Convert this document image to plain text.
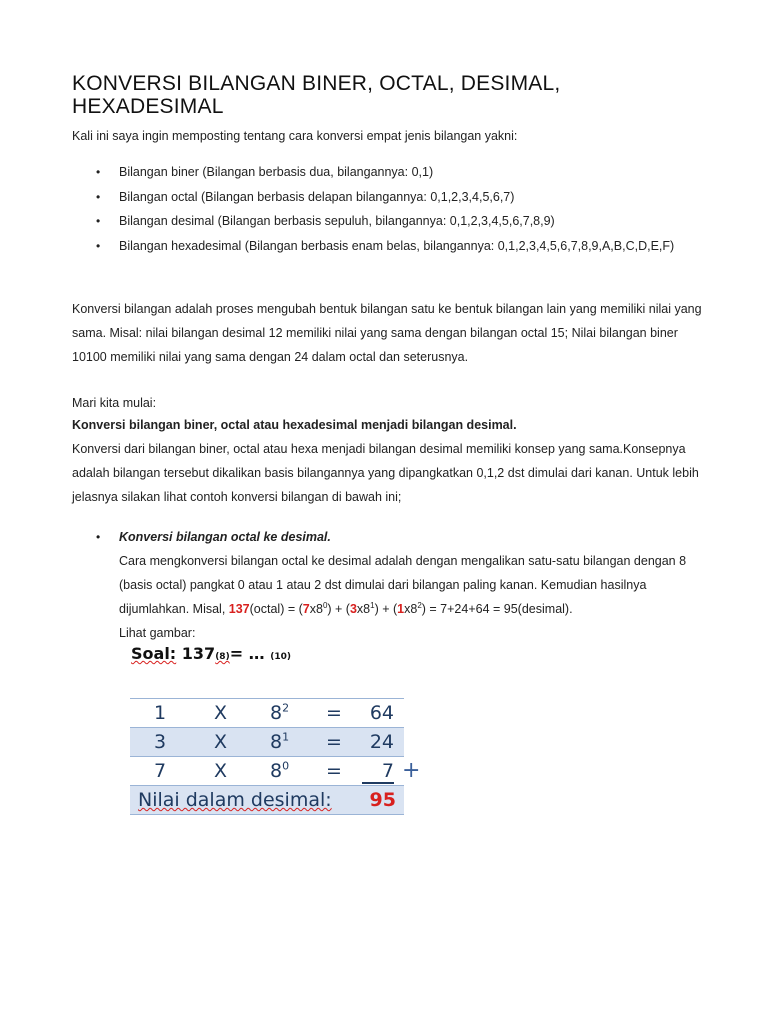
KONVERSI BILANGAN BINER, OCTAL, DESIMAL, HEXADESIMAL
Kali ini saya ingin memposting tentang cara konversi empat jenis bilangan yakni:
• Bilangan biner (Bilangan berbasis dua, bilangannya: 0,1)
• Bilangan octal (Bilangan berbasis delapan bilangannya: 0,1,2,3,4,5,6,7)
• Bilangan desimal (Bilangan berbasis sepuluh, bilangannya: 0,1,2,3,4,5,6,7,8,9)
• Bilangan hexadesimal (Bilangan berbasis enam belas, bilangannya: 0,1,2,3,4,5,6,7,8,9,A,B,C,D,E,F)
Konversi bilangan adalah proses mengubah bentuk bilangan satu ke bentuk bilangan lain yang memiliki nilai yang sama. Misal: nilai bilangan desimal 12 memiliki nilai yang sama dengan bilangan octal 15; Nilai bilangan biner 10100 memiliki nilai yang sama dengan 24 dalam octal dan seterusnya.
Mari kita mulai:
Konversi bilangan biner, octal atau hexadesimal menjadi bilangan desimal.
Konversi dari bilangan biner, octal atau hexa menjadi bilangan desimal memiliki konsep yang sama.Konsepnya adalah bilangan tersebut dikalikan basis bilangannya yang dipangkatkan 0,1,2 dst dimulai dari kanan. Untuk lebih jelasnya silakan lihat contoh konversi bilangan di bawah ini;
• Konversi bilangan octal ke desimal.
Cara mengkonversi bilangan octal ke desimal adalah dengan mengalikan satu-satu bilangan dengan 8 (basis octal) pangkat 0 atau 1 atau 2 dst dimulai dari bilangan paling kanan. Kemudian hasilnya dijumlahkan. Misal, 137(octal) = $(7x8^0) + (3x8^1) + (1x8^2) = 7+24+64$ = 95(desimal).
Lihat gambar:
Soal: 137(8)= … (10)
1	X $8^2 = 64$
3	X $8^1 = 24$
7	X $8^0$ =	7
Nilai dalam desimal: 95
+
